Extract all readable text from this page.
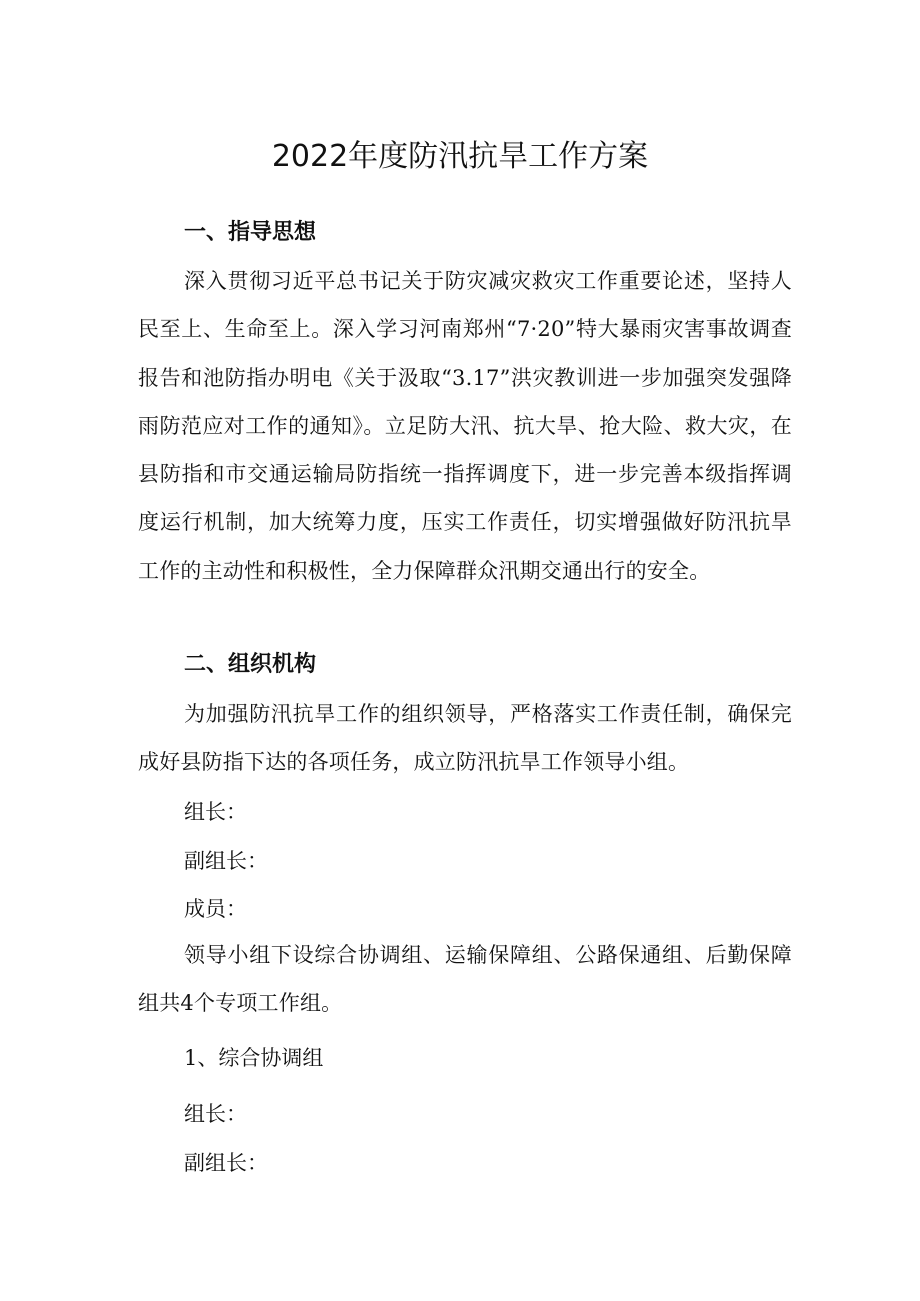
2022年度防汛抗旱工作方案
一、指导思想
深入贯彻习近平总书记关于防灾减灾救灾工作重要论述，坚持人民至上、生命至上。深入学习河南郑州“7·20”特大暴雨灾害事故调查报告和池防指办明电《关于汲取“3.17”洪灾教训进一步加强突发强降雨防范应对工作的通知》。立足防大汛、抗大旱、抢大险、救大灾，在县防指和市交通运输局防指统一指挥调度下，进一步完善本级指挥调度运行机制，加大统筹力度，压实工作责任，切实增强做好防汛抗旱工作的主动性和积极性，全力保障群众汛期交通出行的安全。
二、组织机构
为加强防汛抗旱工作的组织领导，严格落实工作责任制，确保完成好县防指下达的各项任务，成立防汛抗旱工作领导小组。
组长：
副组长：
成员：
领导小组下设综合协调组、运输保障组、公路保通组、后勤保障组共4个专项工作组。
1、综合协调组
组长：
副组长：
